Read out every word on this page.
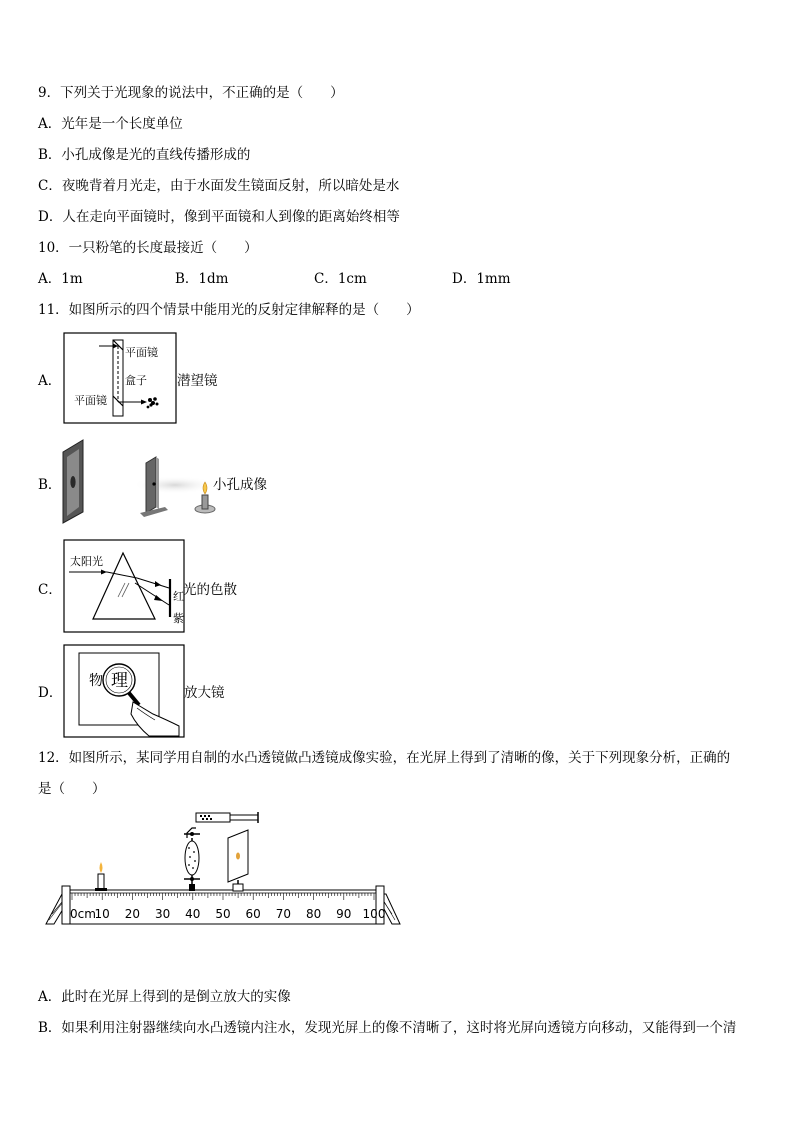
9．下列关于光现象的说法中，不正确的是（　　）
A．光年是一个长度单位
B．小孔成像是光的直线传播形成的
C．夜晚背着月光走，由于水面发生镜面反射，所以暗处是水
D．人在走向平面镜时，像到平面镜和人到像的距离始终相等
10．一只粉笔的长度最接近（　　）
A．1m	B．1dm	C．1cm	D．1mm
11．如图所示的四个情景中能用光的反射定律解释的是（　　）
A．
平面镜
盒子
平面镜
潜望镜
B．	小孔成像
C．
太阳光
红
紫
光的色散
D．
物 理
放大镜
12．如图所示，某同学用自制的水凸透镜做凸透镜成像实验，在光屏上得到了清晰的像，关于下列现象分析，正确的
是（　　）
0cm
10 20 30 40 50 60 70 80 90 100
A．此时在光屏上得到的是倒立放大的实像
B．如果利用注射器继续向水凸透镜内注水，发现光屏上的像不清晰了，这时将光屏向透镜方向移动，又能得到一个清
